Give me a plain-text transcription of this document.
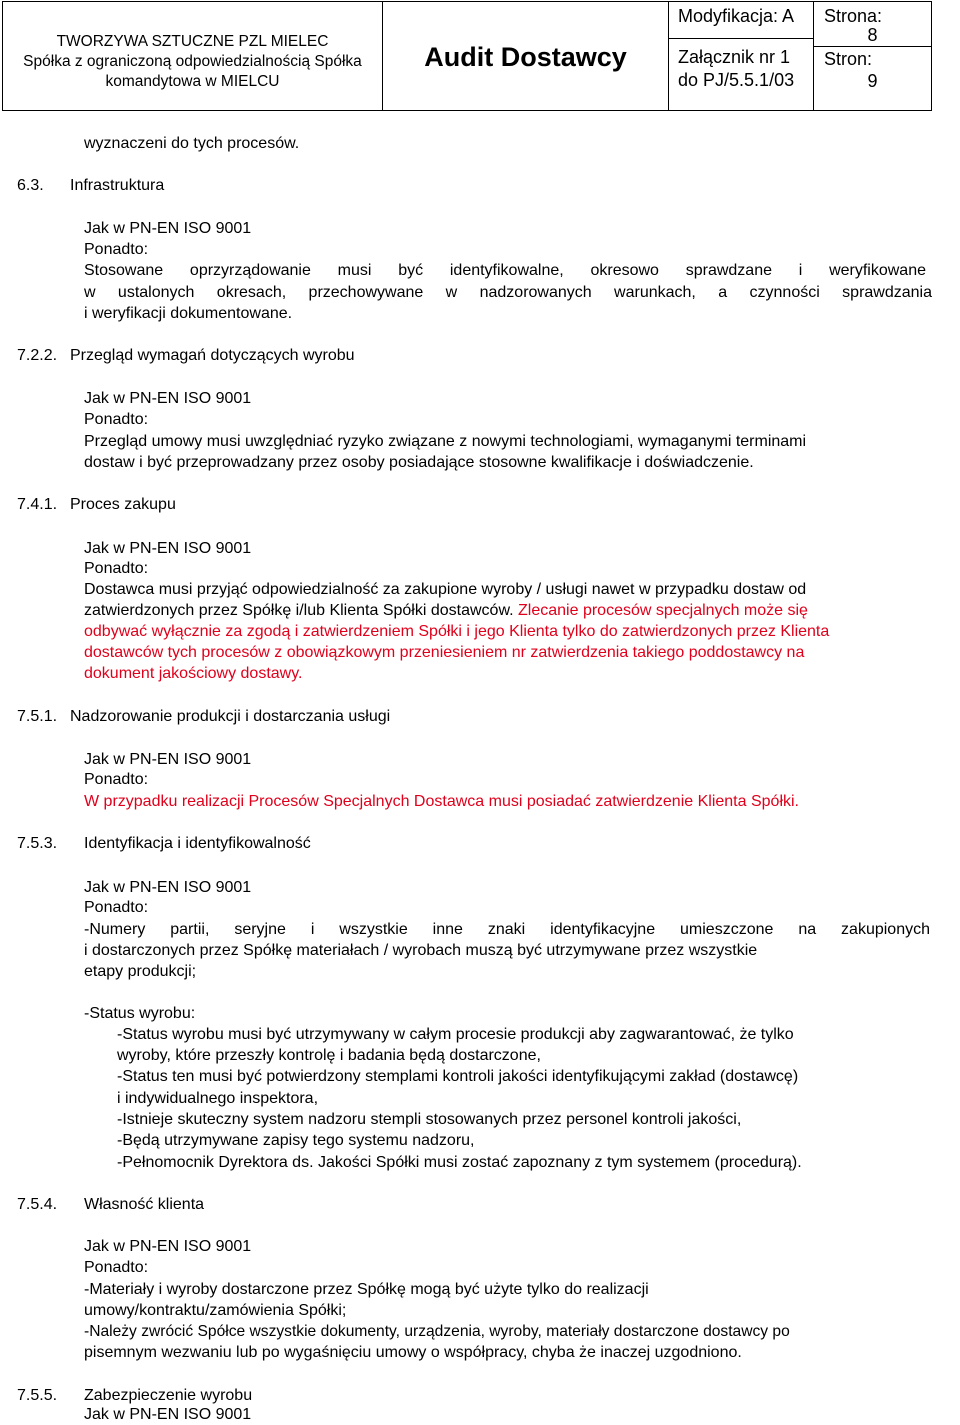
TWORZYWA SZTUCZNE PZL MIELEC
Spółka z ograniczoną odpowiedzialnością Spółka
komandytowa w MIELCU
Audit Dostawcy
Modyfikacja: A
Załącznik nr 1
do PJ/5.5.1/03
Strona:
8
Stron:
9
wyznaczeni do tych procesów.
6.3. Infrastruktura
Jak w PN-EN ISO 9001
Ponadto:
Stosowane oprzyrządowanie musi być identyfikowalne, okresowo sprawdzane i weryfikowane
w ustalonych okresach, przechowywane w nadzorowanych warunkach, a czynności sprawdzania
i weryfikacji dokumentowane.
7.2.2. Przegląd wymagań dotyczących wyrobu
Jak w PN-EN ISO 9001
Ponadto:
Przegląd umowy musi uwzględniać ryzyko związane z nowymi technologiami, wymaganymi terminami
dostaw i być przeprowadzany przez osoby posiadające stosowne kwalifikacje i doświadczenie.
7.4.1. Proces zakupu
Jak w PN-EN ISO 9001
Ponadto:
Dostawca musi przyjąć odpowiedzialność za zakupione wyroby / usługi nawet w przypadku dostaw od
zatwierdzonych przez Spółkę i/lub Klienta Spółki dostawców. Zlecanie procesów specjalnych może się
odbywać wyłącznie za zgodą i zatwierdzeniem Spółki i jego Klienta tylko do zatwierdzonych przez Klienta
dostawców tych procesów z obowiązkowym przeniesieniem nr zatwierdzenia takiego poddostawcy na
dokument jakościowy dostawy.
7.5.1. Nadzorowanie produkcji i dostarczania usługi
Jak w PN-EN ISO 9001
Ponadto:
W przypadku realizacji Procesów Specjalnych Dostawca musi posiadać zatwierdzenie Klienta Spółki.
7.5.3. Identyfikacja i identyfikowalność
Jak w PN-EN ISO 9001
Ponadto:
-Numery partii, seryjne i wszystkie inne znaki identyfikacyjne umieszczone na zakupionych
i dostarczonych przez Spółkę materiałach / wyrobach muszą być utrzymywane przez wszystkie
etapy produkcji;
-Status wyrobu:
-Status wyrobu musi być utrzymywany w całym procesie produkcji aby zagwarantować, że tylko
wyroby, które przeszły kontrolę i badania będą dostarczone,
-Status ten musi być potwierdzony stemplami kontroli jakości identyfikującymi zakład (dostawcę)
i indywidualnego inspektora,
-Istnieje skuteczny system nadzoru stempli stosowanych przez personel kontroli jakości,
-Będą utrzymywane zapisy tego systemu nadzoru,
-Pełnomocnik Dyrektora ds. Jakości Spółki musi zostać zapoznany z tym systemem (procedurą).
7.5.4. Własność klienta
Jak w PN-EN ISO 9001
Ponadto:
-Materiały i wyroby dostarczone przez Spółkę mogą być użyte tylko do realizacji
umowy/kontraktu/zamówienia Spółki;
-Należy zwrócić Spółce wszystkie dokumenty, urządzenia, wyroby, materiały dostarczone dostawcy po
pisemnym wezwaniu lub po wygaśnięciu umowy o współpracy, chyba że inaczej uzgodniono.
7.5.5. Zabezpieczenie wyrobu
Jak w PN-EN ISO 9001
